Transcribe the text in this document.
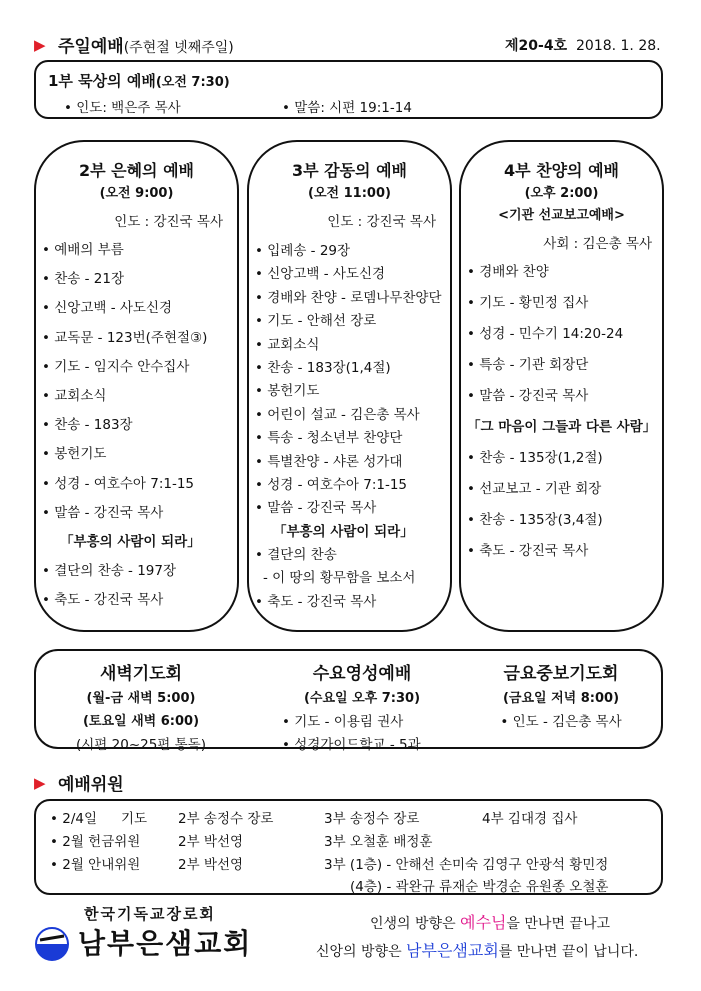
▶ 주일예배(주현절 넷째주일)	제20-4호 2018. 1. 28.
1부 묵상의 예배(오전 7:30)
• 인도: 백은주 목사	• 말씀: 시편 19:1-14
2부 은혜의 예배
(오전 9:00)
인도 : 강진국 목사
• 예배의 부름
• 찬송 - 21장
• 신앙고백 - 사도신경
• 교독문 - 123번(주현절③)
• 기도 - 임지수 안수집사
• 교회소식
• 찬송 - 183장
• 봉헌기도
• 성경 - 여호수아 7:1-15
• 말씀 - 강진국 목사
「부흥의 사람이 되라」
• 결단의 찬송 - 197장
• 축도 - 강진국 목사
3부 감동의 예배
(오전 11:00)
인도 : 강진국 목사
• 입례송 - 29장
• 신앙고백 - 사도신경
• 경배와 찬양 - 로뎀나무찬양단
• 기도 - 안해선 장로
• 교회소식
• 찬송 - 183장(1,4절)
• 봉헌기도
• 어린이 설교 - 김은총 목사
• 특송 - 청소년부 찬양단
• 특별찬양 - 샤론 성가대
• 성경 - 여호수아 7:1-15
• 말씀 - 강진국 목사
「부흥의 사람이 되라」
• 결단의 찬송
- 이 땅의 황무함을 보소서
• 축도 - 강진국 목사
4부 찬양의 예배
(오후 2:00)
<기관 선교보고예배>
사회 : 김은총 목사
• 경배와 찬양
• 기도 - 황민정 집사
• 성경 - 민수기 14:20-24
• 특송 - 기관 회장단
• 말씀 - 강진국 목사
「그 마음이 그들과 다른 사람」
• 찬송 - 135장(1,2절)
• 선교보고 - 기관 회장
• 찬송 - 135장(3,4절)
• 축도 - 강진국 목사
새벽기도회
(월-금 새벽 5:00)
(토요일 새벽 6:00)
(시편 20~25편 통독)
수요영성예배
(수요일 오후 7:30)
• 기도 - 이용림 권사
• 성경가이드학교 - 5과
금요중보기도회
(금요일 저녁 8:00)
• 인도 - 김은총 목사
▶ 예배위원
• 2/4일 기도 2부 송정수 장로	3부 송정수 장로	4부 김대경 집사
• 2월 헌금위원	2부 박선영	3부 오철훈 배정훈
• 2월 안내위원	2부 박선영	3부 (1층) - 안해선 손미숙 김영구 안광석 황민정
(4층) - 곽완규 류재순 박경순 유원종 오철훈
한국기독교장로회
남부은샘교회
인생의 방향은 예수님을 만나면 끝나고
신앙의 방향은 남부은샘교회를 만나면 끝이 납니다.
